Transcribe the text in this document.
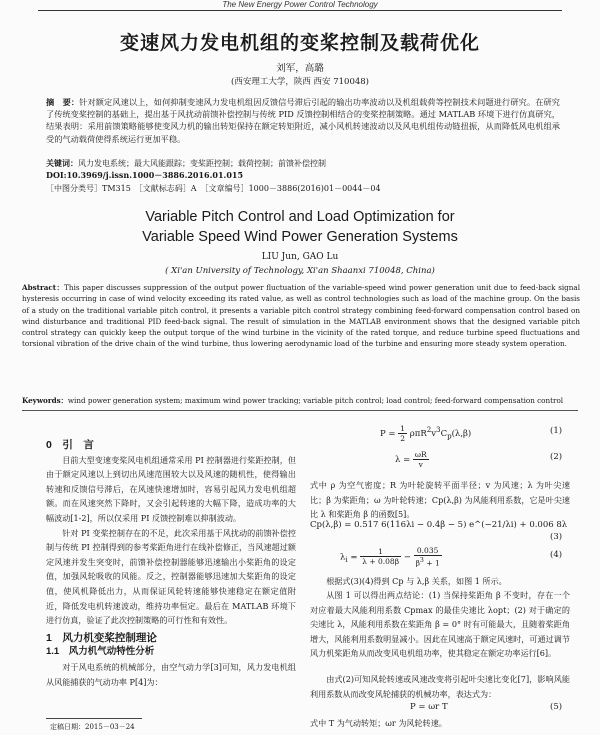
The New Energy Power Control Technology
变速风力发电机组的变桨控制及载荷优化
刘军，高璐
(西安理工大学，陕西 西安 710048)
摘　要：针对额定风速以上，如何抑制变速风力发电机组因反馈信号滞后引起的输出功率波动以及机组载荷等控制技术问题进行研究。在研究了传统变桨控制的基础上，提出基于风扰动前馈补偿控制与传统 PID 反馈控制相结合的变桨控制策略。通过 MATLAB 环境下进行仿真研究，结果表明：采用前馈策略能够使变风力机的输出转矩保持在额定转矩附近，减小风机转速波动以及风电机组传动链扭振，从而降低风电机组承受的气动载荷使得系统运行更加平稳。
关键词：风力发电系统；最大风能跟踪；变桨距控制；载荷控制；前馈补偿控制
DOI:10.3969/j.issn.1000－3886.2016.01.015
［中图分类号］TM315　［文献标志码］A　［文章编号］1000－3886(2016)01－0044－04
Variable Pitch Control and Load Optimization for
Variable Speed Wind Power Generation Systems
LIU Jun, GAO Lu
( Xi'an University of Technology, Xi'an Shaanxi 710048, China)
Abstract：This paper discusses suppression of the output power fluctuation of the variable-speed wind power generation unit due to feed-back signal hysteresis occurring in case of wind velocity exceeding its rated value, as well as control technologies such as load of the machine group. On the basis of a study on the traditional variable pitch control, it presents a variable pitch control strategy combining feed-forward compensation control based on wind disturbance and traditional PID feed-back signal. The result of simulation in the MATLAB environment shows that the designed variable pitch control strategy can quickly keep the output torque of the wind turbine in the vicinity of the rated torque, and reduce turbine speed fluctuations and torsional vibration of the drive chain of the wind turbine, thus lowering aerodynamic load of the turbine and ensuring more steady system operation.
Keywords：wind power generation system; maximum wind power tracking; variable pitch control; load control; feed-forward compensation control
0　引　言

目前大型变速变桨风电机组通常采用 PI 控制器进行桨距控制，但由于额定风速以上到切出风速范围较大以及风速的随机性，使得输出转速和反馈信号滞后，在风速快速增加时，容易引起风力发电机组超额。而在风速突然下降时，又会引起转速的大幅下降，造成功率的大幅波动[1-2]，所以仅采用 PI 反馈控制难以抑制波动。

针对 PI 变桨控制存在的不足，此次采用基于风扰动的前馈补偿控制与传统 PI 控制得到的参考桨距角进行在线补偿修正，当风速超过额定风速并发生突变时，前馈补偿控制器能够迅速输出小桨距角的设定值，加强风轮吸收的风能。反之，控制器能够迅速加大桨距角的设定值，使风机降低出力，从而保证风轮转速能够快速稳定在额定值附近，降低发电机转速波动，维持功率恒定。最后在 MATLAB 环境下进行仿真，验证了此次控制策略的可行性和有效性。

1　风力机变桨控制理论
1.1　风力机气动特性分析

对于风电系统的机械部分，由空气动力学[3]可知，风力发电机组从风能捕获的气动功率 P[4]为：

$P = \frac{1}{2} \rho\pi R^2v^3C_p(\lambda,\beta)$	(1)
$\lambda = \frac{\omega R}{v}$	(2)
式中 ρ 为空气密度；R 为叶轮旋转平面半径；v 为风速；λ 为叶尖速比；β 为桨距角；ω 为叶轮转速；Cp(λ,β) 为风能利用系数，它是叶尖速比 λ 和桨距角 β 的函数[5]。
Cp(λ,β) = 0.517 6(116λi − 0.4β − 5) e^(−21/λi) + 0.006 8λ
(3)
$\lambda_i = \frac{1}{\lambda + 0.08\beta} - \frac{0.035}{\beta^3 + 1}$	(4)
根据式(3)(4)得到 Cp 与 λ,β 关系，如图 1 所示。
从图 1 可以得出两点结论：(1) 当保持桨距角 β 不变时，存在一个对应着最大风能利用系数 Cpmax 的最佳尖速比 λopt；(2) 对于确定的尖速比 λ，风能利用系数在桨距角 β = 0° 时有可能最大，且随着桨距角增大，风能利用系数明显减小。因此在风速高于额定风速时，可通过调节风力机桨距角从而改变风电机组功率，使其稳定在额定功率运行[6]。
由式(2)可知风轮转速或风速改变将引起叶尖速比变化[7]，影响风能利用系数从而改变风轮捕获的机械功率，表达式为：
P = ωr T	(5)
式中 T 为气动转矩；ωr 为风轮转速。
定稿日期：2015－03－24
